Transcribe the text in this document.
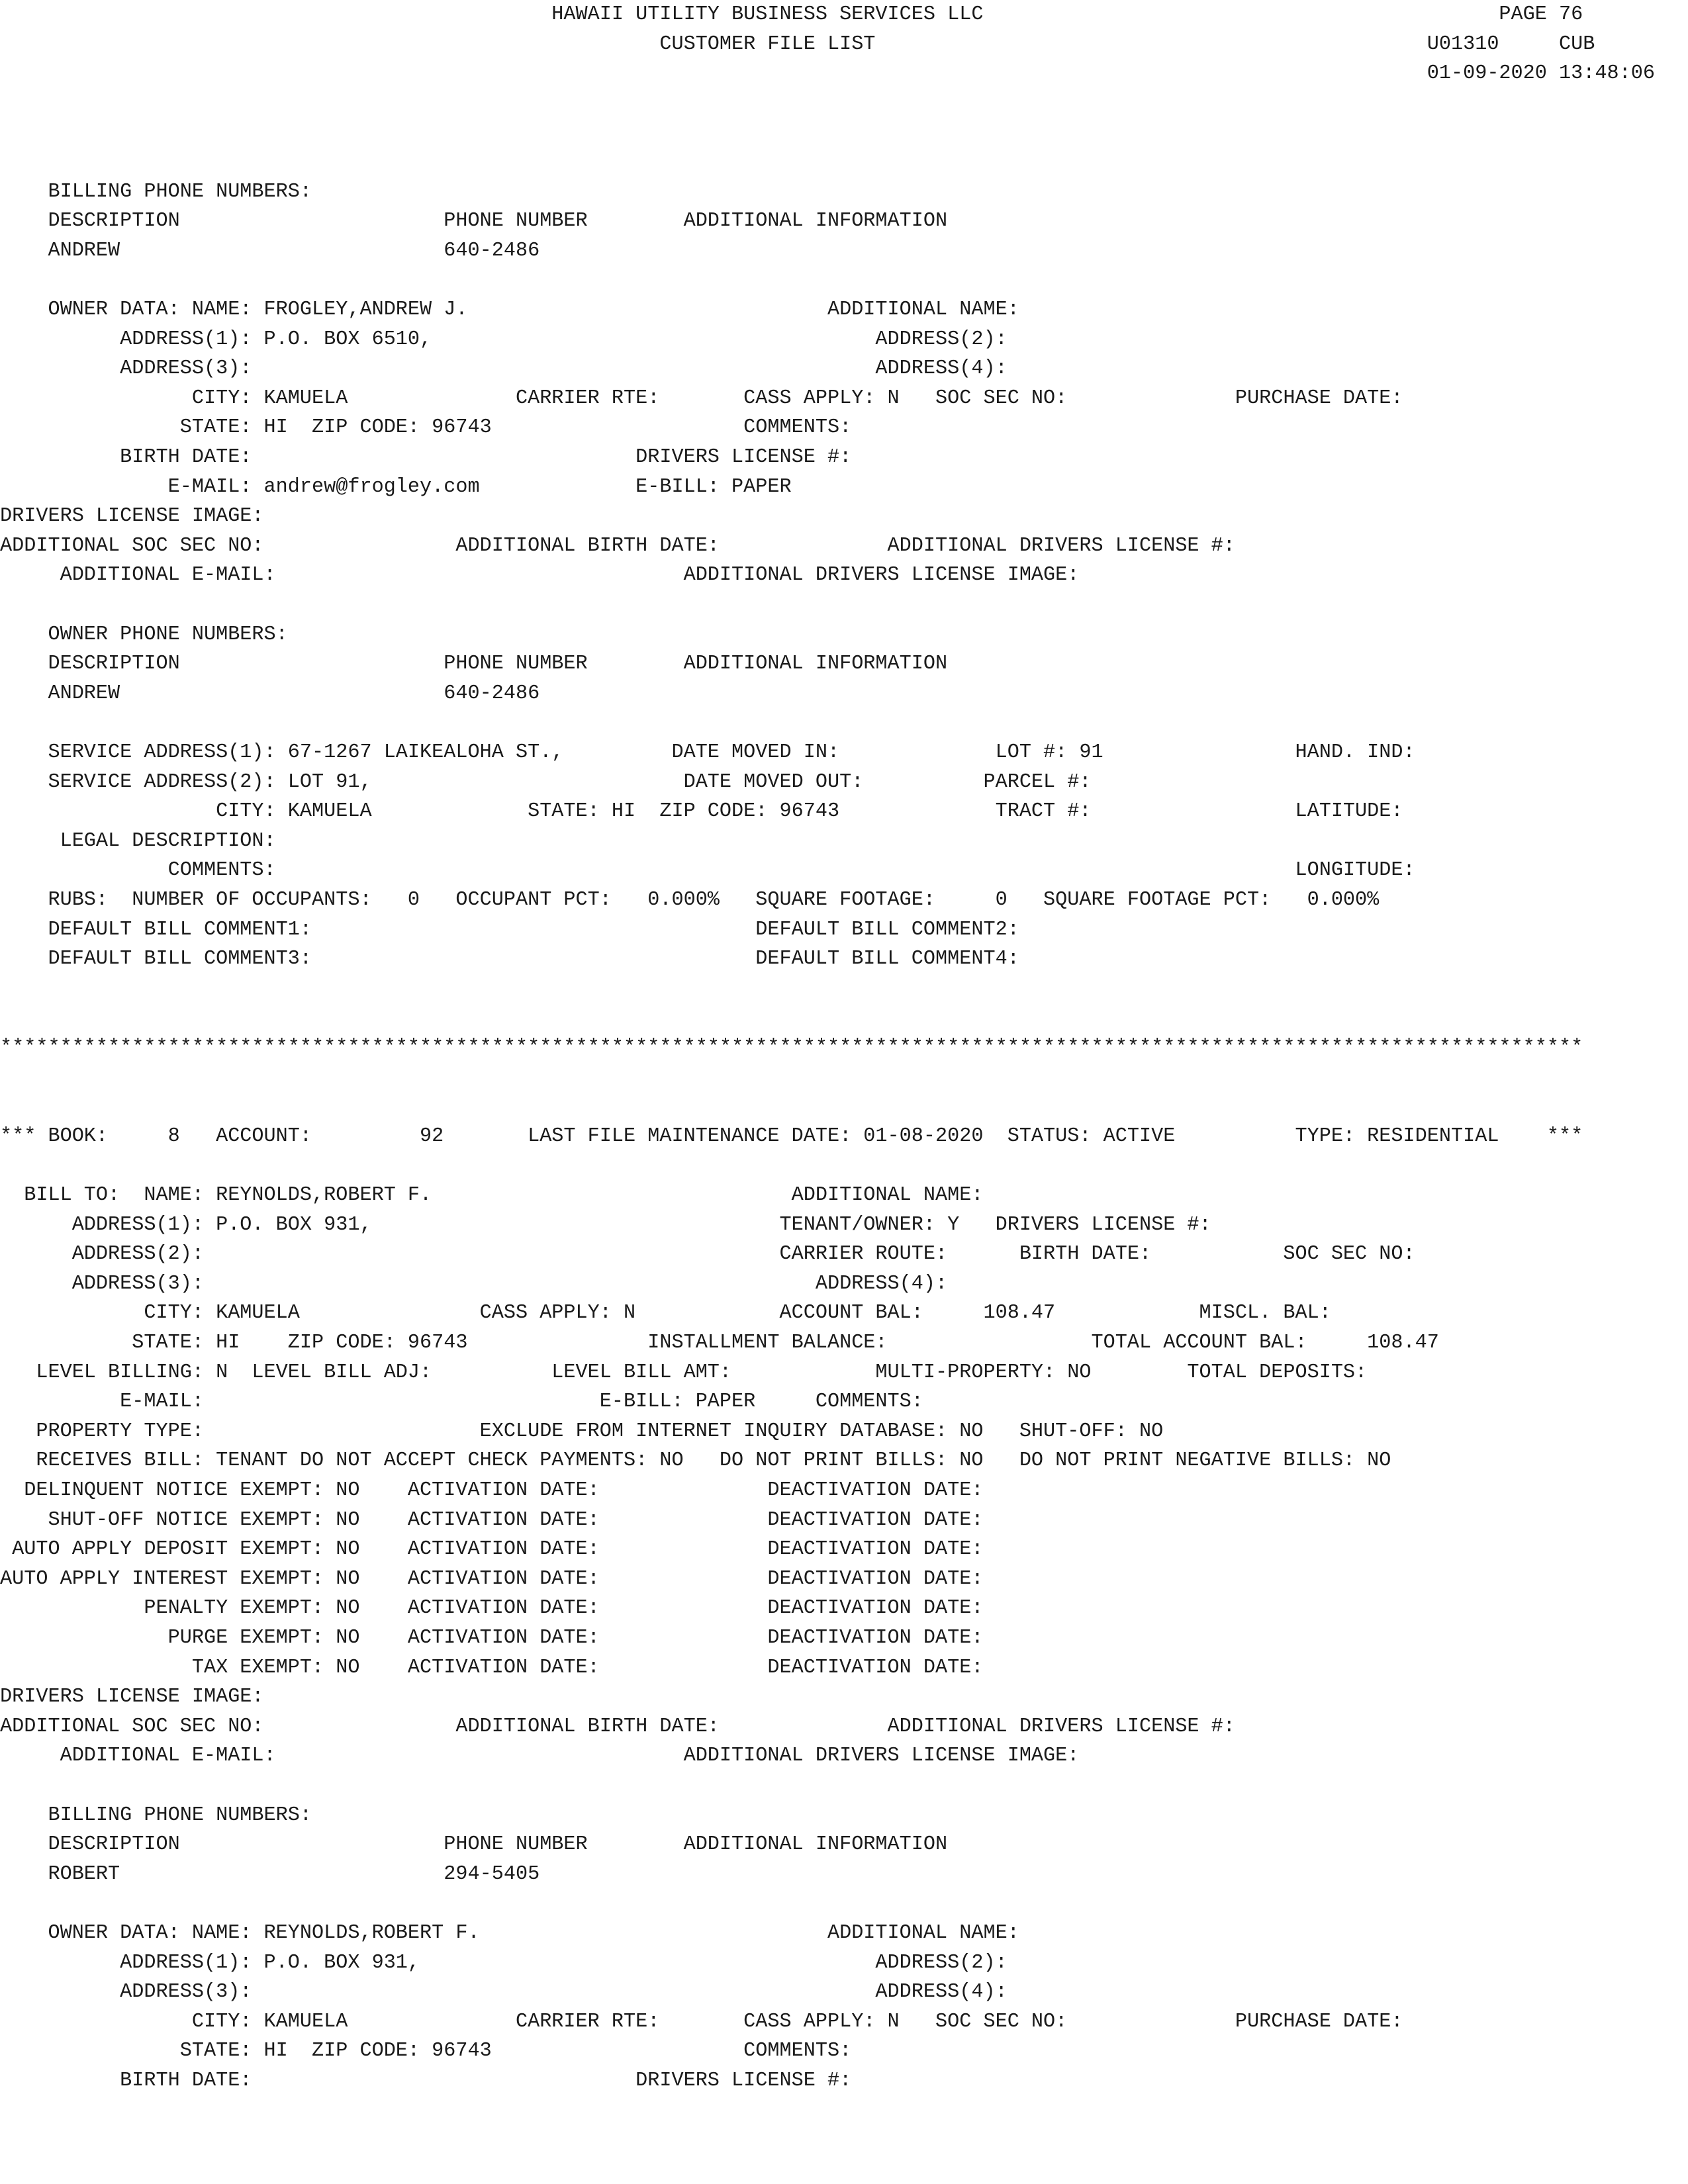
HAWAII UTILITY BUSINESS SERVICES LLC                                           PAGE 76
CUSTOMER FILE LIST                                              U01310     CUB
01-09-2020 13:48:06
BILLING PHONE NUMBERS:
DESCRIPTION                      PHONE NUMBER        ADDITIONAL INFORMATION
ANDREW                           640-2486
OWNER DATA: NAME: FROGLEY,ANDREW J.                              ADDITIONAL NAME:
ADDRESS(1): P.O. BOX 6510,                                     ADDRESS(2):
ADDRESS(3):                                                    ADDRESS(4):
CITY: KAMUELA              CARRIER RTE:       CASS APPLY: N   SOC SEC NO:              PURCHASE DATE:
STATE: HI  ZIP CODE: 96743                     COMMENTS:
BIRTH DATE:                                DRIVERS LICENSE #:
E-MAIL: andrew@frogley.com             E-BILL: PAPER
DRIVERS LICENSE IMAGE:
ADDITIONAL SOC SEC NO:                ADDITIONAL BIRTH DATE:              ADDITIONAL DRIVERS LICENSE #:
ADDITIONAL E-MAIL:                                  ADDITIONAL DRIVERS LICENSE IMAGE:
OWNER PHONE NUMBERS:
DESCRIPTION                      PHONE NUMBER        ADDITIONAL INFORMATION
ANDREW                           640-2486
SERVICE ADDRESS(1): 67-1267 LAIKEALOHA ST.,         DATE MOVED IN:             LOT #: 91                HAND. IND:
SERVICE ADDRESS(2): LOT 91,                          DATE MOVED OUT:          PARCEL #:
CITY: KAMUELA             STATE: HI  ZIP CODE: 96743             TRACT #:                 LATITUDE:
LEGAL DESCRIPTION:
COMMENTS:                                                                                     LONGITUDE:
RUBS:  NUMBER OF OCCUPANTS:   0   OCCUPANT PCT:   0.000%   SQUARE FOOTAGE:     0   SQUARE FOOTAGE PCT:   0.000%
DEFAULT BILL COMMENT1:                                     DEFAULT BILL COMMENT2:
DEFAULT BILL COMMENT3:                                     DEFAULT BILL COMMENT4:
************************************************************************************************************************************
*** BOOK:     8   ACCOUNT:         92       LAST FILE MAINTENANCE DATE: 01-08-2020  STATUS: ACTIVE          TYPE: RESIDENTIAL    ***
BILL TO:  NAME: REYNOLDS,ROBERT F.                              ADDITIONAL NAME:
ADDRESS(1): P.O. BOX 931,                                  TENANT/OWNER: Y   DRIVERS LICENSE #:
ADDRESS(2):                                                CARRIER ROUTE:      BIRTH DATE:           SOC SEC NO:
ADDRESS(3):                                                   ADDRESS(4):
CITY: KAMUELA               CASS APPLY: N            ACCOUNT BAL:     108.47            MISCL. BAL:
STATE: HI    ZIP CODE: 96743               INSTALLMENT BALANCE:                 TOTAL ACCOUNT BAL:     108.47
LEVEL BILLING: N  LEVEL BILL ADJ:          LEVEL BILL AMT:            MULTI-PROPERTY: NO        TOTAL DEPOSITS:
E-MAIL:                                 E-BILL: PAPER     COMMENTS:
PROPERTY TYPE:                       EXCLUDE FROM INTERNET INQUIRY DATABASE: NO   SHUT-OFF: NO
RECEIVES BILL: TENANT DO NOT ACCEPT CHECK PAYMENTS: NO   DO NOT PRINT BILLS: NO   DO NOT PRINT NEGATIVE BILLS: NO
DELINQUENT NOTICE EXEMPT: NO    ACTIVATION DATE:              DEACTIVATION DATE:
SHUT-OFF NOTICE EXEMPT: NO    ACTIVATION DATE:              DEACTIVATION DATE:
AUTO APPLY DEPOSIT EXEMPT: NO    ACTIVATION DATE:              DEACTIVATION DATE:
AUTO APPLY INTEREST EXEMPT: NO    ACTIVATION DATE:              DEACTIVATION DATE:
PENALTY EXEMPT: NO    ACTIVATION DATE:              DEACTIVATION DATE:
PURGE EXEMPT: NO    ACTIVATION DATE:              DEACTIVATION DATE:
TAX EXEMPT: NO    ACTIVATION DATE:              DEACTIVATION DATE:
DRIVERS LICENSE IMAGE:
ADDITIONAL SOC SEC NO:                ADDITIONAL BIRTH DATE:              ADDITIONAL DRIVERS LICENSE #:
ADDITIONAL E-MAIL:                                  ADDITIONAL DRIVERS LICENSE IMAGE:
BILLING PHONE NUMBERS:
DESCRIPTION                      PHONE NUMBER        ADDITIONAL INFORMATION
ROBERT                           294-5405
OWNER DATA: NAME: REYNOLDS,ROBERT F.                             ADDITIONAL NAME:
ADDRESS(1): P.O. BOX 931,                                      ADDRESS(2):
ADDRESS(3):                                                    ADDRESS(4):
CITY: KAMUELA              CARRIER RTE:       CASS APPLY: N   SOC SEC NO:              PURCHASE DATE:
STATE: HI  ZIP CODE: 96743                     COMMENTS:
BIRTH DATE:                                DRIVERS LICENSE #:
